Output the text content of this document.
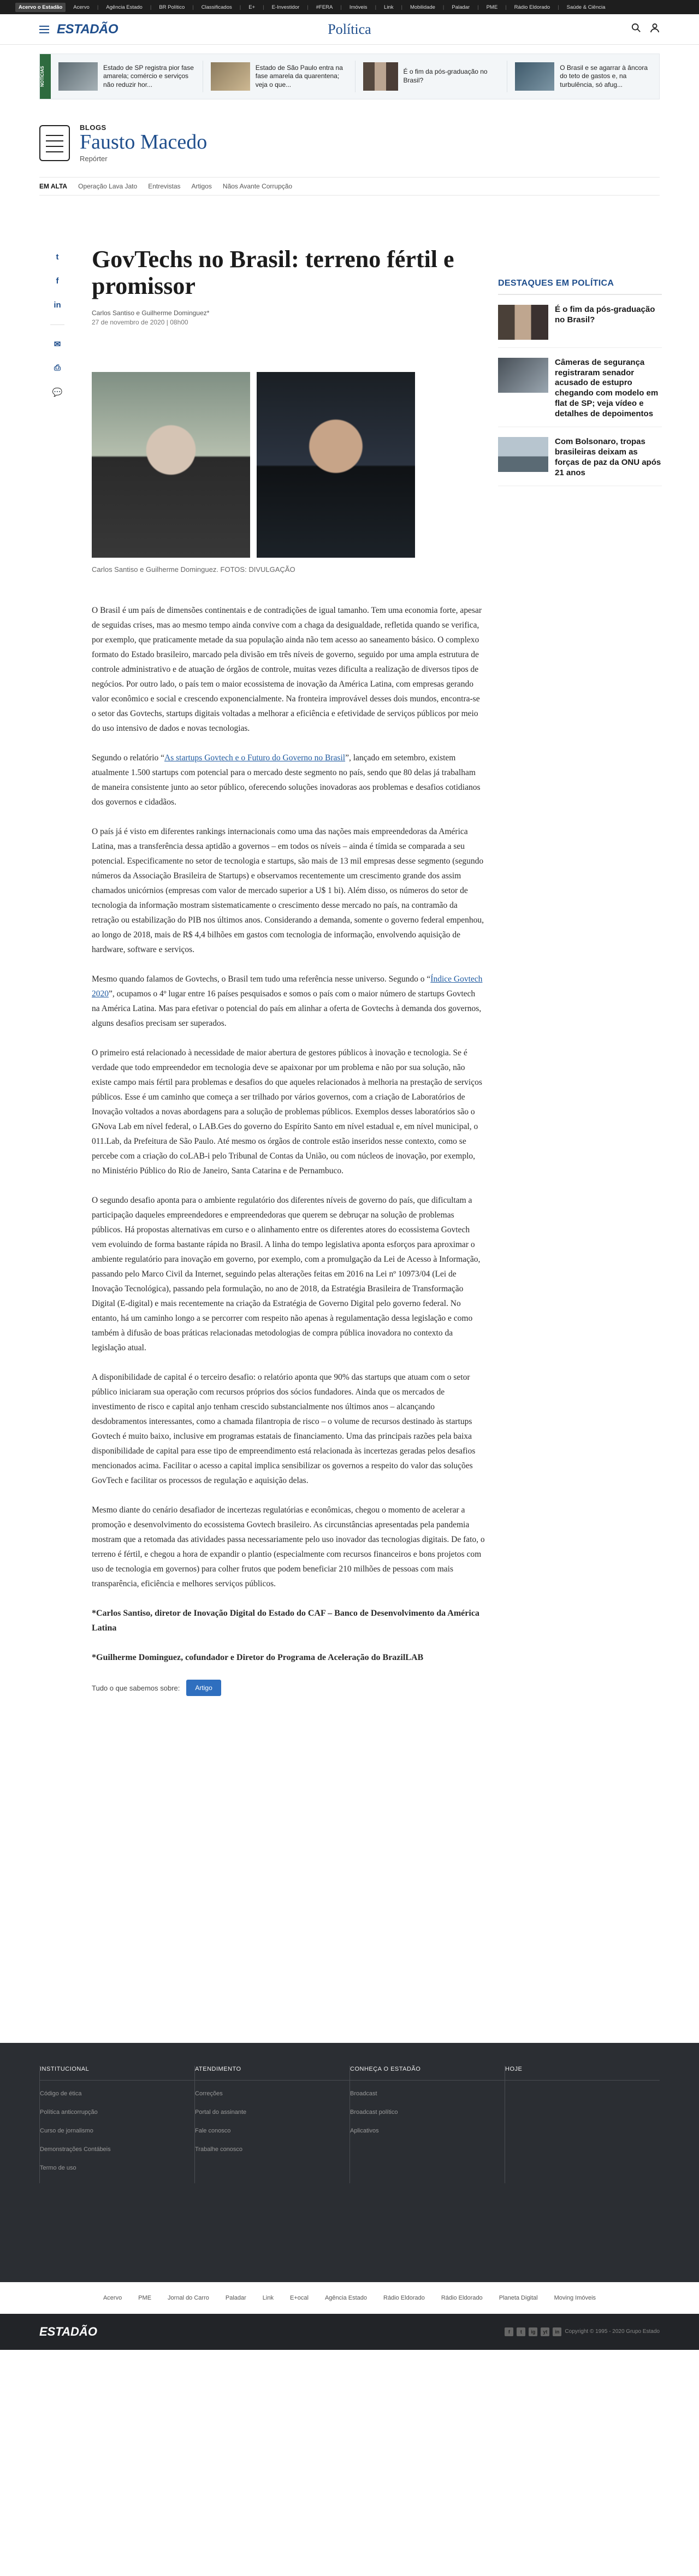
Acervo o Estadão	Acervo | Agência Estado | BR Político | Classificados | E+ | E-Investidor | #FERA | Imóveis | Link | Mobilidade | Paladar | PME | Rádio Eldorado | Saúde & Ciência
ESTADÃO	Política
NOTÍCIAS	Estado de SP registra pior fase amarela; comércio e serviços não reduzir hor...
Estado de São Paulo entra na fase amarela da quarentena; veja o que...
É o fim da pós-graduação no Brasil?
O Brasil e se agarrar à âncora do teto de gastos e, na turbulência, só afug...
BLOGS
Fausto Macedo
Repórter
EM ALTA Operação Lava Jato Entrevistas Artigos Nãos Avante Corrupção
t
f
in
✉
⎙
💬
GovTechs no Brasil: terreno fértil e promissor
Carlos Santiso e Guilherme Dominguez*
27 de novembro de 2020 | 08h00
Carlos Santiso e Guilherme Dominguez. FOTOS: DIVULGAÇÃO

O Brasil é um país de dimensões continentais e de contradições de igual tamanho. Tem uma economia forte, apesar de seguidas crises, mas ao mesmo tempo ainda convive com a chaga da desigualdade, refletida quando se verifica, por exemplo, que praticamente metade da sua população ainda não tem acesso ao saneamento básico. O complexo formato do Estado brasileiro, marcado pela divisão em três níveis de governo, seguido por uma ampla estrutura de controle administrativo e de atuação de órgãos de controle, muitas vezes dificulta a realização de diversos tipos de negócios. Por outro lado, o país tem o maior ecossistema de inovação da América Latina, com empresas gerando valor econômico e social e crescendo exponencialmente. Na fronteira improvável desses dois mundos, encontra-se o setor das Govtechs, startups digitais voltadas a melhorar a eficiência e efetividade de serviços públicos por meio do uso intensivo de dados e novas tecnologias.

Segundo o relatório “As startups Govtech e o Futuro do Governo no Brasil”, lançado em setembro, existem atualmente 1.500 startups com potencial para o mercado deste segmento no país, sendo que 80 delas já trabalham de maneira consistente junto ao setor público, oferecendo soluções inovadoras aos problemas e desafios cotidianos dos governos e cidadãos.

O país já é visto em diferentes rankings internacionais como uma das nações mais empreendedoras da América Latina, mas a transferência dessa aptidão a governos – em todos os níveis – ainda é tímida se comparada a seu potencial. Especificamente no setor de tecnologia e startups, são mais de 13 mil empresas desse segmento (segundo números da Associação Brasileira de Startups) e observamos recentemente um crescimento grande dos assim chamados unicórnios (empresas com valor de mercado superior a U$ 1 bi). Além disso, os números do setor de tecnologia da informação mostram sistematicamente o crescimento desse mercado no país, na contramão da retração ou estabilização do PIB nos últimos anos. Considerando a demanda, somente o governo federal empenhou, ao longo de 2018, mais de R$ 4,4 bilhões em gastos com tecnologia de informação, envolvendo aquisição de hardware, software e serviços.

Mesmo quando falamos de Govtechs, o Brasil tem tudo uma referência nesse universo. Segundo o “Índice Govtech 2020”, ocupamos o 4º lugar entre 16 países pesquisados e somos o país com o maior número de startups Govtech na América Latina. Mas para efetivar o potencial do país em alinhar a oferta de Govtechs à demanda dos governos, alguns desafios precisam ser superados.

O primeiro está relacionado à necessidade de maior abertura de gestores públicos à inovação e tecnologia. Se é verdade que todo empreendedor em tecnologia deve se apaixonar por um problema e não por sua solução, não existe campo mais fértil para problemas e desafios do que aqueles relacionados à melhoria na prestação de serviços públicos. Esse é um caminho que começa a ser trilhado por vários governos, com a criação de Laboratórios de Inovação voltados a novas abordagens para a solução de problemas públicos. Exemplos desses laboratórios são o GNova Lab em nível federal, o LAB.Ges do governo do Espírito Santo em nível estadual e, em nível municipal, o 011.Lab, da Prefeitura de São Paulo. Até mesmo os órgãos de controle estão inseridos nesse contexto, como se percebe com a criação do coLAB-i pelo Tribunal de Contas da União, ou com núcleos de inovação, por exemplo, no Ministério Público do Rio de Janeiro, Santa Catarina e de Pernambuco.

O segundo desafio aponta para o ambiente regulatório dos diferentes níveis de governo do país, que dificultam a participação daqueles empreendedores e empreendedoras que querem se debruçar na solução de problemas públicos. Há propostas alternativas em curso e o alinhamento entre os diferentes atores do ecossistema Govtech vem evoluindo de forma bastante rápida no Brasil. A linha do tempo legislativa aponta esforços para aproximar o ambiente regulatório para inovação em governo, por exemplo, com a promulgação da Lei de Acesso à Informação, passando pelo Marco Civil da Internet, seguindo pelas alterações feitas em 2016 na Lei nº 10973/04 (Lei de Inovação Tecnológica), passando pela formulação, no ano de 2018, da Estratégia Brasileira de Transformação Digital (E-digital) e mais recentemente na criação da Estratégia de Governo Digital pelo governo federal. No entanto, há um caminho longo a se percorrer com respeito não apenas à regulamentação dessa legislação e como também à difusão de boas práticas relacionadas metodologias de compra pública inovadora no contexto da legislação atual.

A disponibilidade de capital é o terceiro desafio: o relatório aponta que 90% das startups que atuam com o setor público iniciaram sua operação com recursos próprios dos sócios fundadores. Ainda que os mercados de investimento de risco e capital anjo tenham crescido substancialmente nos últimos anos – alcançando desdobramentos interessantes, como a chamada filantropia de risco – o volume de recursos destinado às startups Govtech é muito baixo, inclusive em programas estatais de financiamento. Uma das principais razões pela baixa disponibilidade de capital para esse tipo de empreendimento está relacionada às incertezas geradas pelos desafios mencionados acima. Facilitar o acesso a capital implica sensibilizar os governos a respeito do valor das soluções GovTech e facilitar os processos de regulação e aquisição delas.

Mesmo diante do cenário desafiador de incertezas regulatórias e econômicas, chegou o momento de acelerar a promoção e desenvolvimento do ecossistema Govtech brasileiro. As circunstâncias apresentadas pela pandemia mostram que a retomada das atividades passa necessariamente pelo uso inovador das tecnologias digitais. De fato, o terreno é fértil, e chegou a hora de expandir o plantio (especialmente com recursos financeiros e bons projetos com uso de tecnologia em governos) para colher frutos que podem beneficiar 210 milhões de pessoas com mais transparência, eficiência e melhores serviços públicos.

*Carlos Santiso, diretor de Inovação Digital do Estado do CAF – Banco de Desenvolvimento da América Latina

*Guilherme Dominguez, cofundador e Diretor do Programa de Aceleração do BrazilLAB

Tudo o que sabemos sobre:	Artigo
DESTAQUES EM POLÍTICA
É o fim da pós-graduação no Brasil?
Câmeras de segurança registraram senador acusado de estupro chegando com modelo em flat de SP; veja vídeo e detalhes de depoimentos
Com Bolsonaro, tropas brasileiras deixam as forças de paz da ONU após 21 anos
INSTITUCIONAL
Código de ética
Política anticorrupção
Curso de jornalismo
Demonstrações Contábeis
Termo de uso
ATENDIMENTO
Correções
Portal do assinante
Fale conosco
Trabalhe conosco
CONHEÇA O ESTADÃO
Broadcast
Broadcast político
Aplicativos
HOJE
Acervo	PME	Jornal do Carro	Paladar	Link	E+ocal	Agência Estado	Rádio Eldorado	Rádio Eldorado	Planeta Digital	Moving Imóveis
ESTADÃO	f	t	ig	yt	in	Copyright © 1995 - 2020 Grupo Estado
